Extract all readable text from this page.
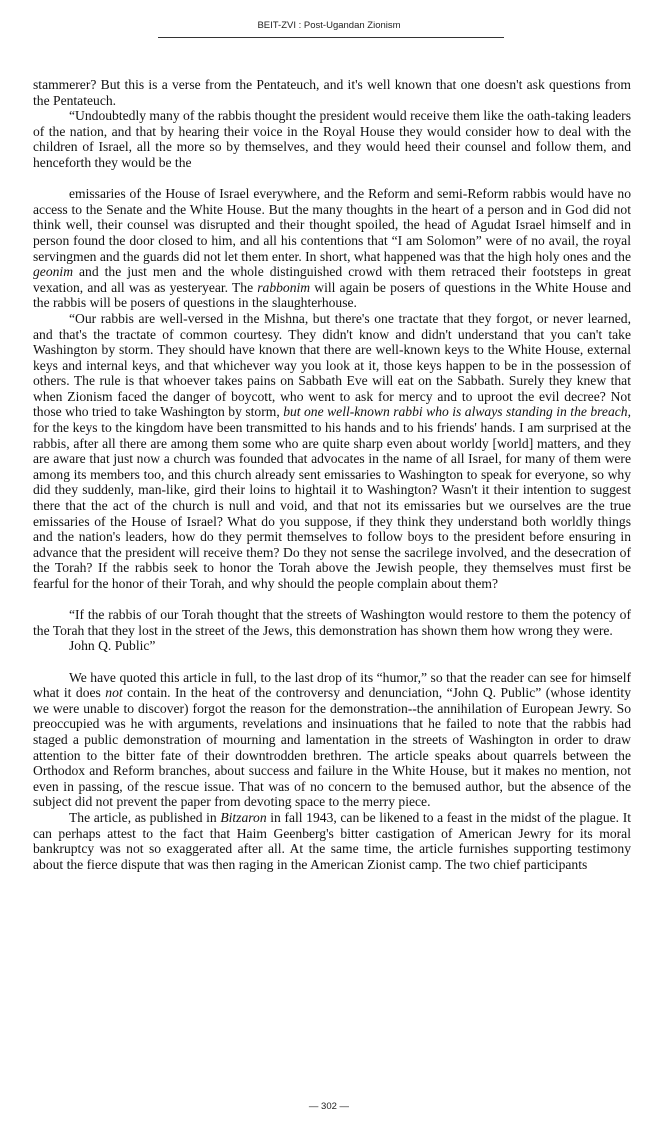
BEIT-ZVI : Post-Ugandan Zionism

stammerer? But this is a verse from the Pentateuch, and it's well known that one doesn't ask questions from the Pentateuch.

“Undoubtedly many of the rabbis thought the president would receive them like the oath-taking leaders of the nation, and that by hearing their voice in the Royal House they would consider how to deal with the children of Israel, all the more so by themselves, and they would heed their counsel and follow them, and henceforth they would be the

emissaries of the House of Israel everywhere, and the Reform and semi-Reform rabbis would have no access to the Senate and the White House. But the many thoughts in the heart of a person and in God did not think well, their counsel was disrupted and their thought spoiled, the head of Agudat Israel himself and in person found the door closed to him, and all his contentions that “I am Solomon” were of no avail, the royal servingmen and the guards did not let them enter. In short, what happened was that the high holy ones and the geonim and the just men and the whole distinguished crowd with them retraced their footsteps in great vexation, and all was as yesteryear. The rabbonim will again be posers of questions in the White House and the rabbis will be posers of questions in the slaughterhouse.

“Our rabbis are well-versed in the Mishna, but there's one tractate that they forgot, or never learned, and that's the tractate of common courtesy. They didn't know and didn't understand that you can't take Washington by storm. They should have known that there are well-known keys to the White House, external keys and internal keys, and that whichever way you look at it, those keys happen to be in the possession of others. The rule is that whoever takes pains on Sabbath Eve will eat on the Sabbath. Surely they knew that when Zionism faced the danger of boycott, who went to ask for mercy and to uproot the evil decree? Not those who tried to take Washington by storm, but one well-known rabbi who is always standing in the breach, for the keys to the kingdom have been transmitted to his hands and to his friends' hands. I am surprised at the rabbis, after all there are among them some who are quite sharp even about worldy [world] matters, and they are aware that just now a church was founded that advocates in the name of all Israel, for many of them were among its members too, and this church already sent emissaries to Washington to speak for everyone, so why did they suddenly, man-like, gird their loins to hightail it to Washington? Wasn't it their intention to suggest there that the act of the church is null and void, and that not its emissaries but we ourselves are the true emissaries of the House of Israel? What do you suppose, if they think they understand both worldly things and the nation's leaders, how do they permit themselves to follow boys to the president before ensuring in advance that the president will receive them? Do they not sense the sacrilege involved, and the desecration of the Torah? If the rabbis seek to honor the Torah above the Jewish people, they themselves must first be fearful for the honor of their Torah, and why should the people complain about them?

“If the rabbis of our Torah thought that the streets of Washington would restore to them the potency of the Torah that they lost in the street of the Jews, this demonstration has shown them how wrong they were.

John Q. Public”

We have quoted this article in full, to the last drop of its “humor,” so that the reader can see for himself what it does not contain. In the heat of the controversy and denunciation, “John Q. Public” (whose identity we were unable to discover) forgot the reason for the demonstration--the annihilation of European Jewry. So preoccupied was he with arguments, revelations and insinuations that he failed to note that the rabbis had staged a public demonstration of mourning and lamentation in the streets of Washington in order to draw attention to the bitter fate of their downtrodden brethren. The article speaks about quarrels between the Orthodox and Reform branches, about success and failure in the White House, but it makes no mention, not even in passing, of the rescue issue. That was of no concern to the bemused author, but the absence of the subject did not prevent the paper from devoting space to the merry piece.

The article, as published in Bitzaron in fall 1943, can be likened to a feast in the midst of the plague. It can perhaps attest to the fact that Haim Geenberg's bitter castigation of American Jewry for its moral bankruptcy was not so exaggerated after all. At the same time, the article furnishes supporting testimony about the fierce dispute that was then raging in the American Zionist camp. The two chief participants

— 302 —
